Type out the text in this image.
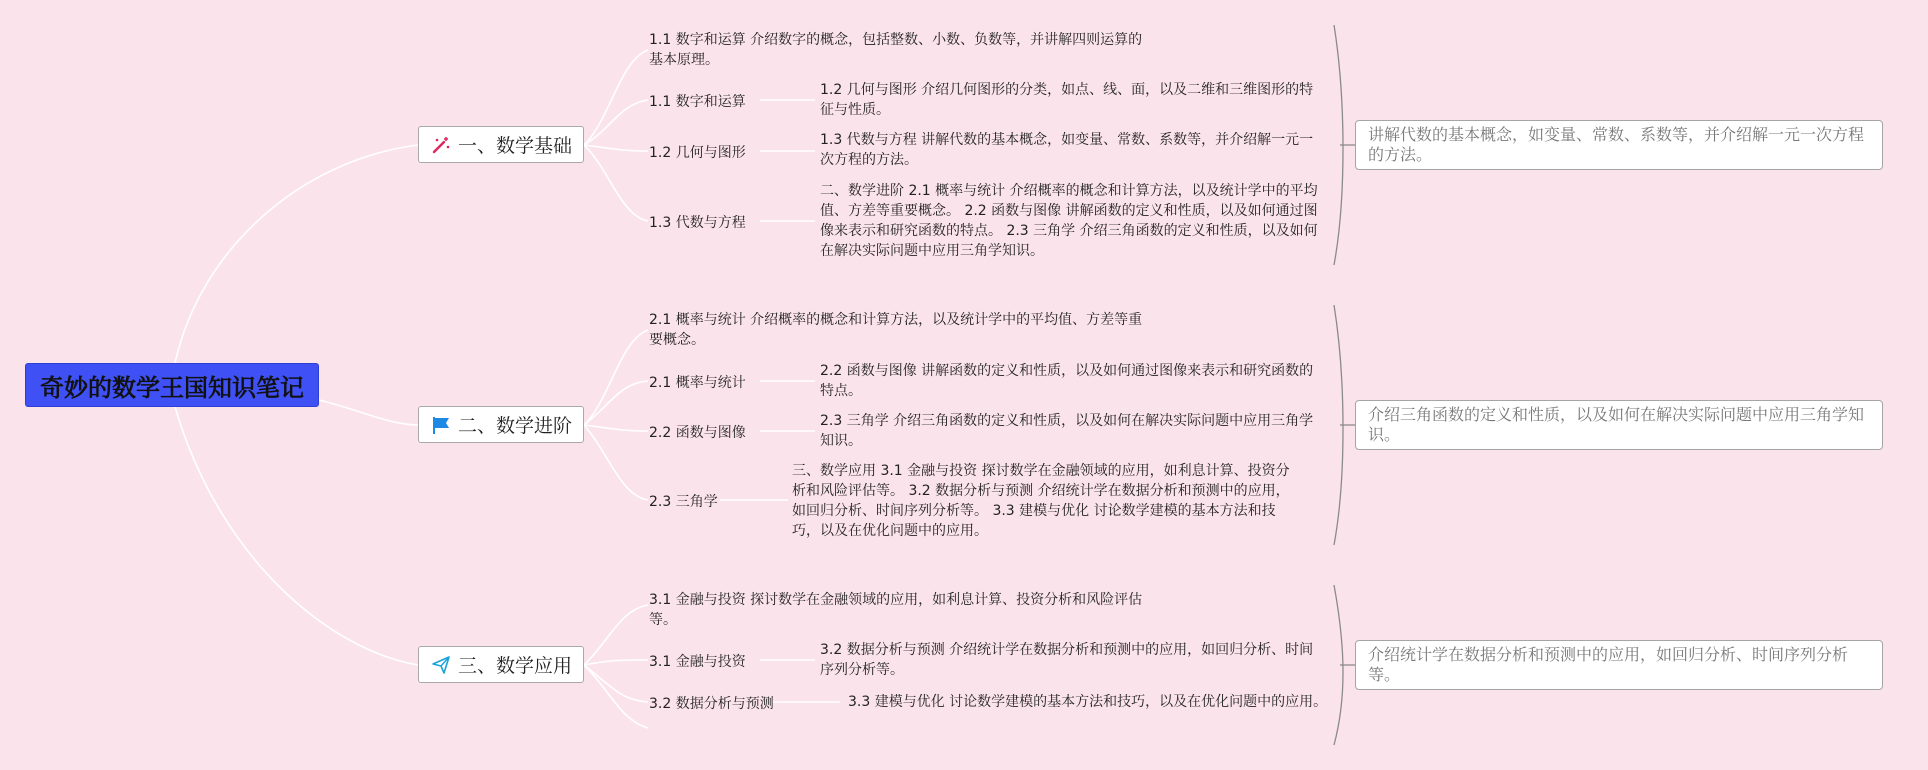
奇妙的数学王国知识笔记
一、数学基础
1.1 数字和运算 介绍数字的概念，包括整数、小数、负数等，并讲解四则运算的基本原理。
1.1 数字和运算
1.2 几何与图形
1.3 代数与方程
1.2 几何与图形 介绍几何图形的分类，如点、线、面，以及二维和三维图形的特征与性质。
1.3 代数与方程 讲解代数的基本概念，如变量、常数、系数等，并介绍解一元一次方程的方法。
二、数学进阶 2.1 概率与统计 介绍概率的概念和计算方法，以及统计学中的平均值、方差等重要概念。 2.2 函数与图像 讲解函数的定义和性质，以及如何通过图像来表示和研究函数的特点。 2.3 三角学 介绍三角函数的定义和性质，以及如何在解决实际问题中应用三角学知识。
讲解代数的基本概念，如变量、常数、系数等，并介绍解一元一次方程的方法。
二、数学进阶
2.1 概率与统计 介绍概率的概念和计算方法，以及统计学中的平均值、方差等重要概念。
2.1 概率与统计
2.2 函数与图像
2.3 三角学
2.2 函数与图像 讲解函数的定义和性质，以及如何通过图像来表示和研究函数的特点。
2.3 三角学 介绍三角函数的定义和性质，以及如何在解决实际问题中应用三角学知识。
三、数学应用 3.1 金融与投资 探讨数学在金融领域的应用，如利息计算、投资分析和风险评估等。 3.2 数据分析与预测 介绍统计学在数据分析和预测中的应用，如回归分析、时间序列分析等。 3.3 建模与优化 讨论数学建模的基本方法和技巧，以及在优化问题中的应用。
介绍三角函数的定义和性质，以及如何在解决实际问题中应用三角学知识。
三、数学应用
3.1 金融与投资 探讨数学在金融领域的应用，如利息计算、投资分析和风险评估等。
3.1 金融与投资
3.2 数据分析与预测
3.2 数据分析与预测 介绍统计学在数据分析和预测中的应用，如回归分析、时间序列分析等。
3.3 建模与优化 讨论数学建模的基本方法和技巧，以及在优化问题中的应用。
介绍统计学在数据分析和预测中的应用，如回归分析、时间序列分析等。
